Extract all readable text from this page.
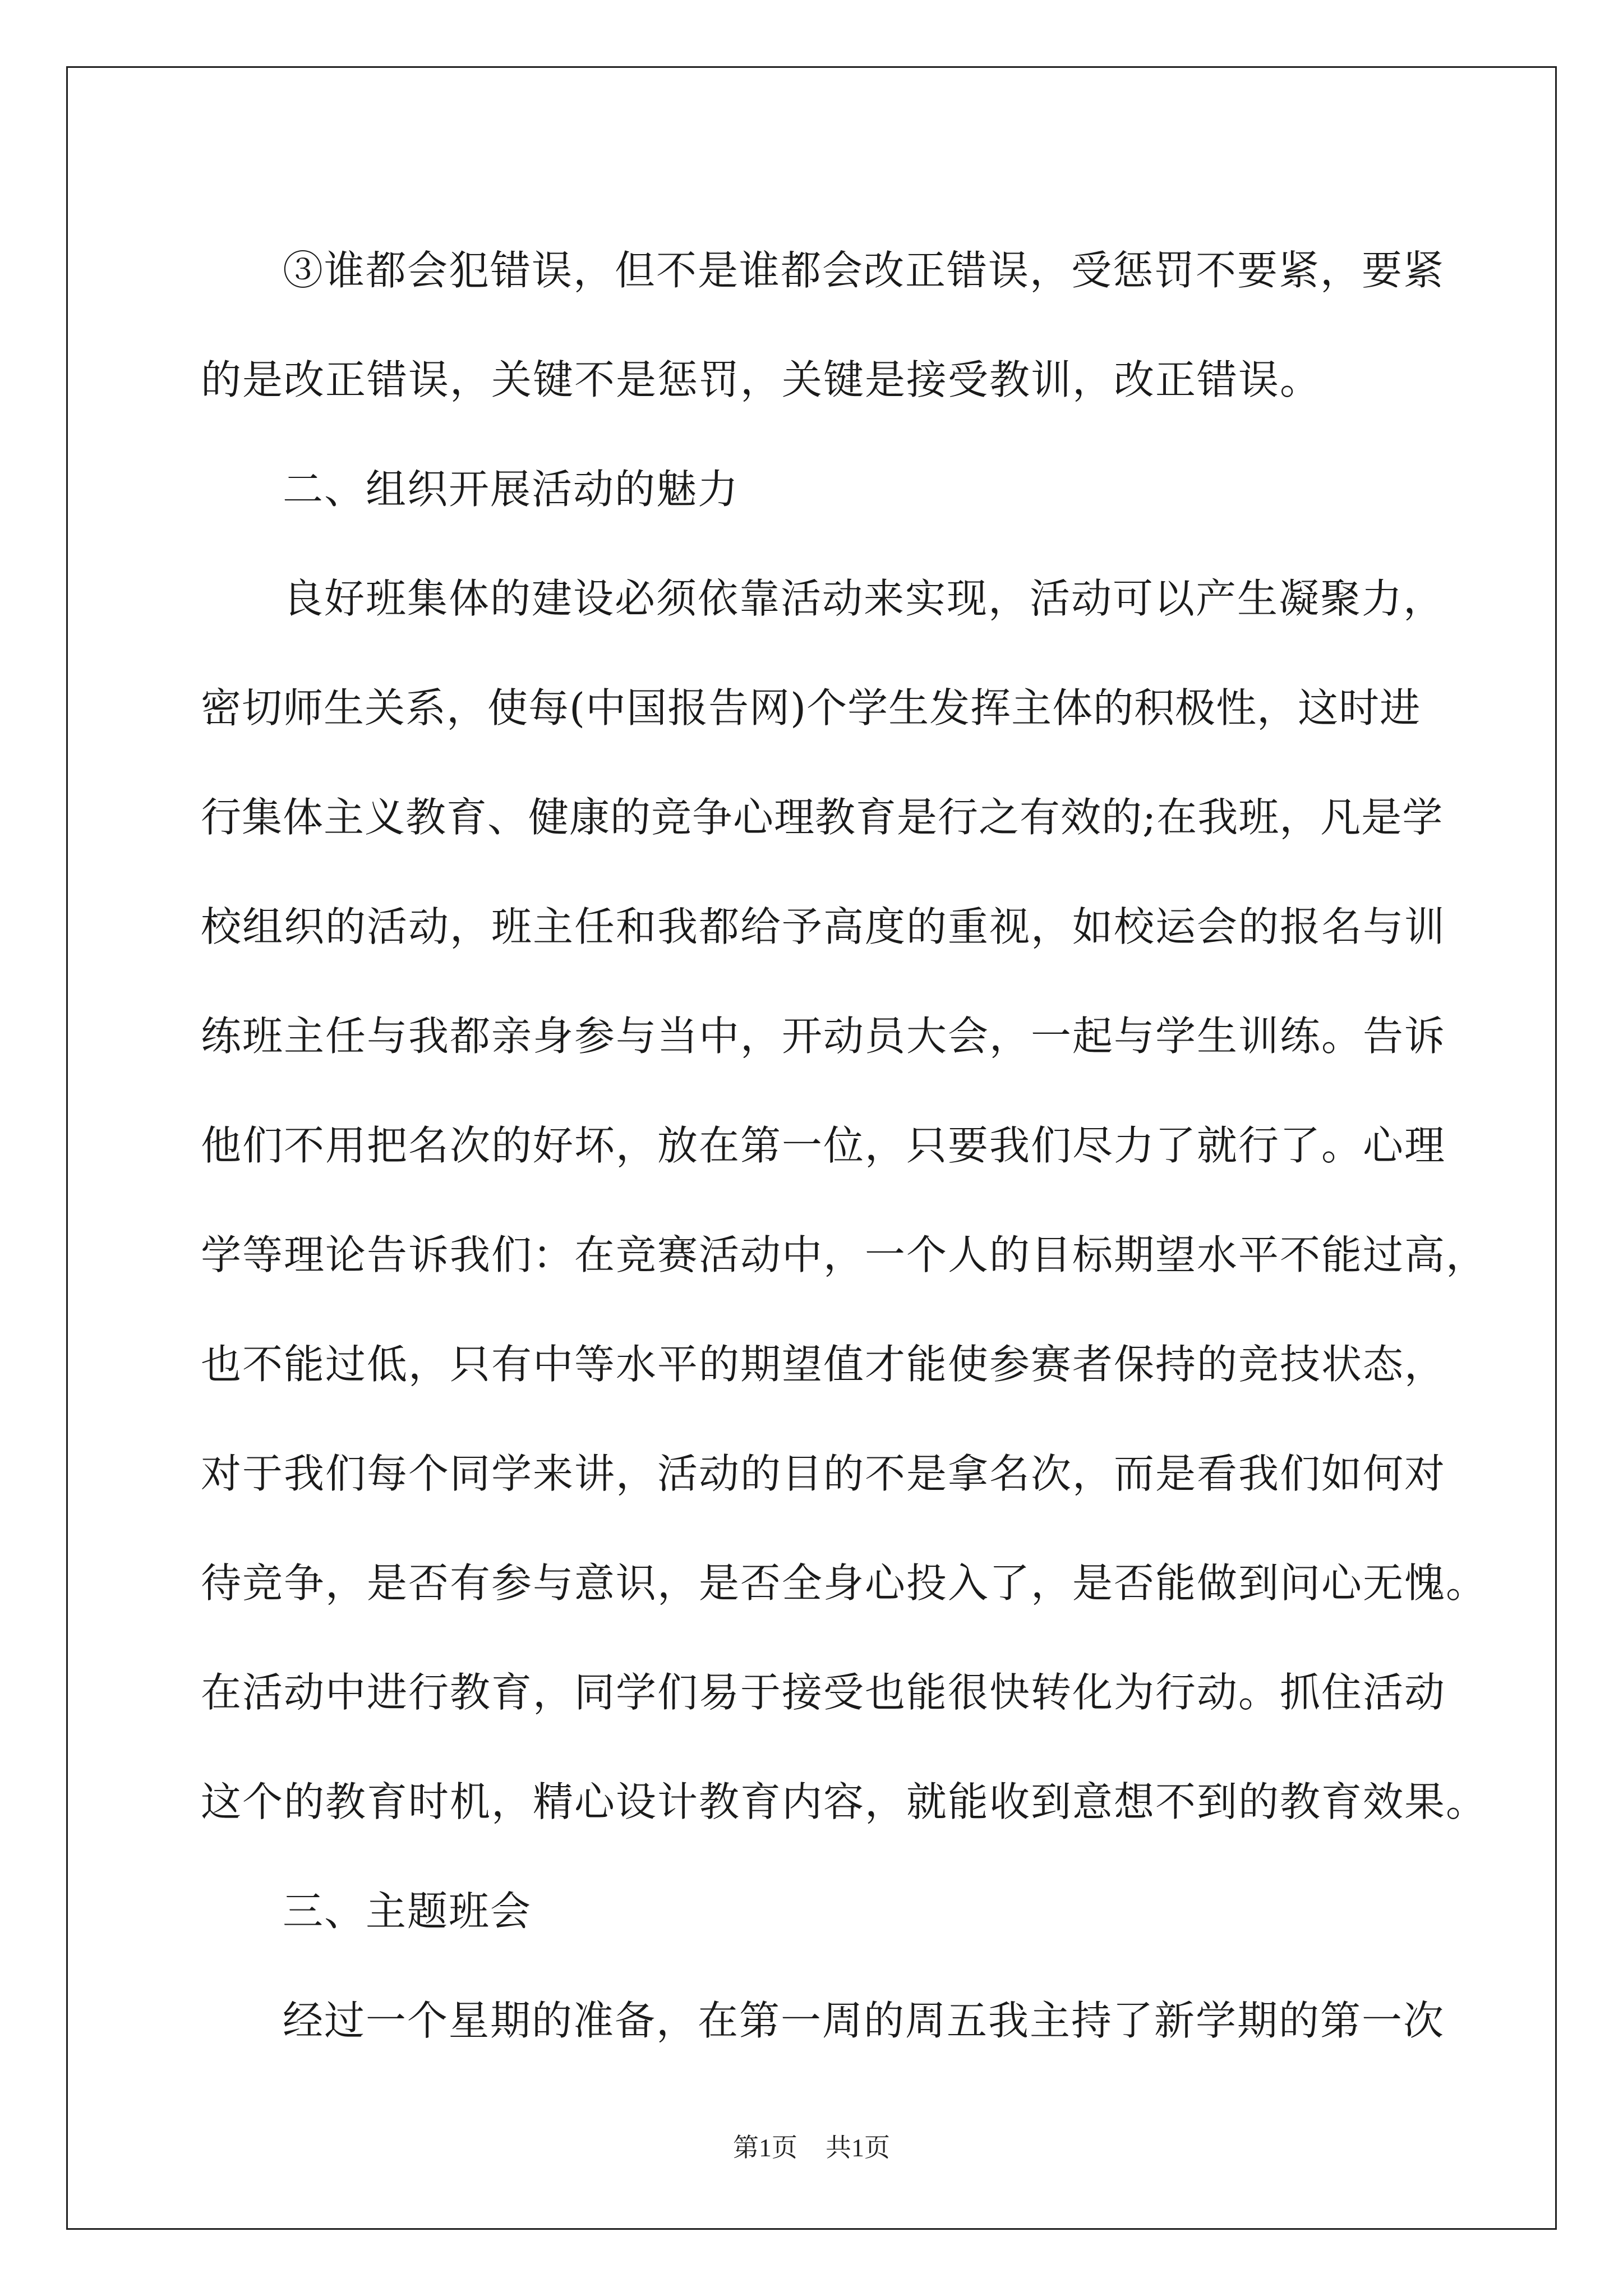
③谁都会犯错误，但不是谁都会改正错误，受惩罚不要紧，要紧
的是改正错误，关键不是惩罚，关键是接受教训，改正错误。
二、组织开展活动的魅力
良好班集体的建设必须依靠活动来实现，活动可以产生凝聚力，
密切师生关系，使每(中国报告网)个学生发挥主体的积极性，这时进
行集体主义教育、健康的竞争心理教育是行之有效的;在我班，凡是学
校组织的活动，班主任和我都给予高度的重视，如校运会的报名与训
练班主任与我都亲身参与当中，开动员大会，一起与学生训练。告诉
他们不用把名次的好坏，放在第一位，只要我们尽力了就行了。心理
学等理论告诉我们：在竞赛活动中，一个人的目标期望水平不能过高，
也不能过低，只有中等水平的期望值才能使参赛者保持的竞技状态，
对于我们每个同学来讲，活动的目的不是拿名次，而是看我们如何对
待竞争，是否有参与意识，是否全身心投入了，是否能做到问心无愧。
在活动中进行教育，同学们易于接受也能很快转化为行动。抓住活动
这个的教育时机，精心设计教育内容，就能收到意想不到的教育效果。
三、主题班会
经过一个星期的准备，在第一周的周五我主持了新学期的第一次
第1页 共1页
